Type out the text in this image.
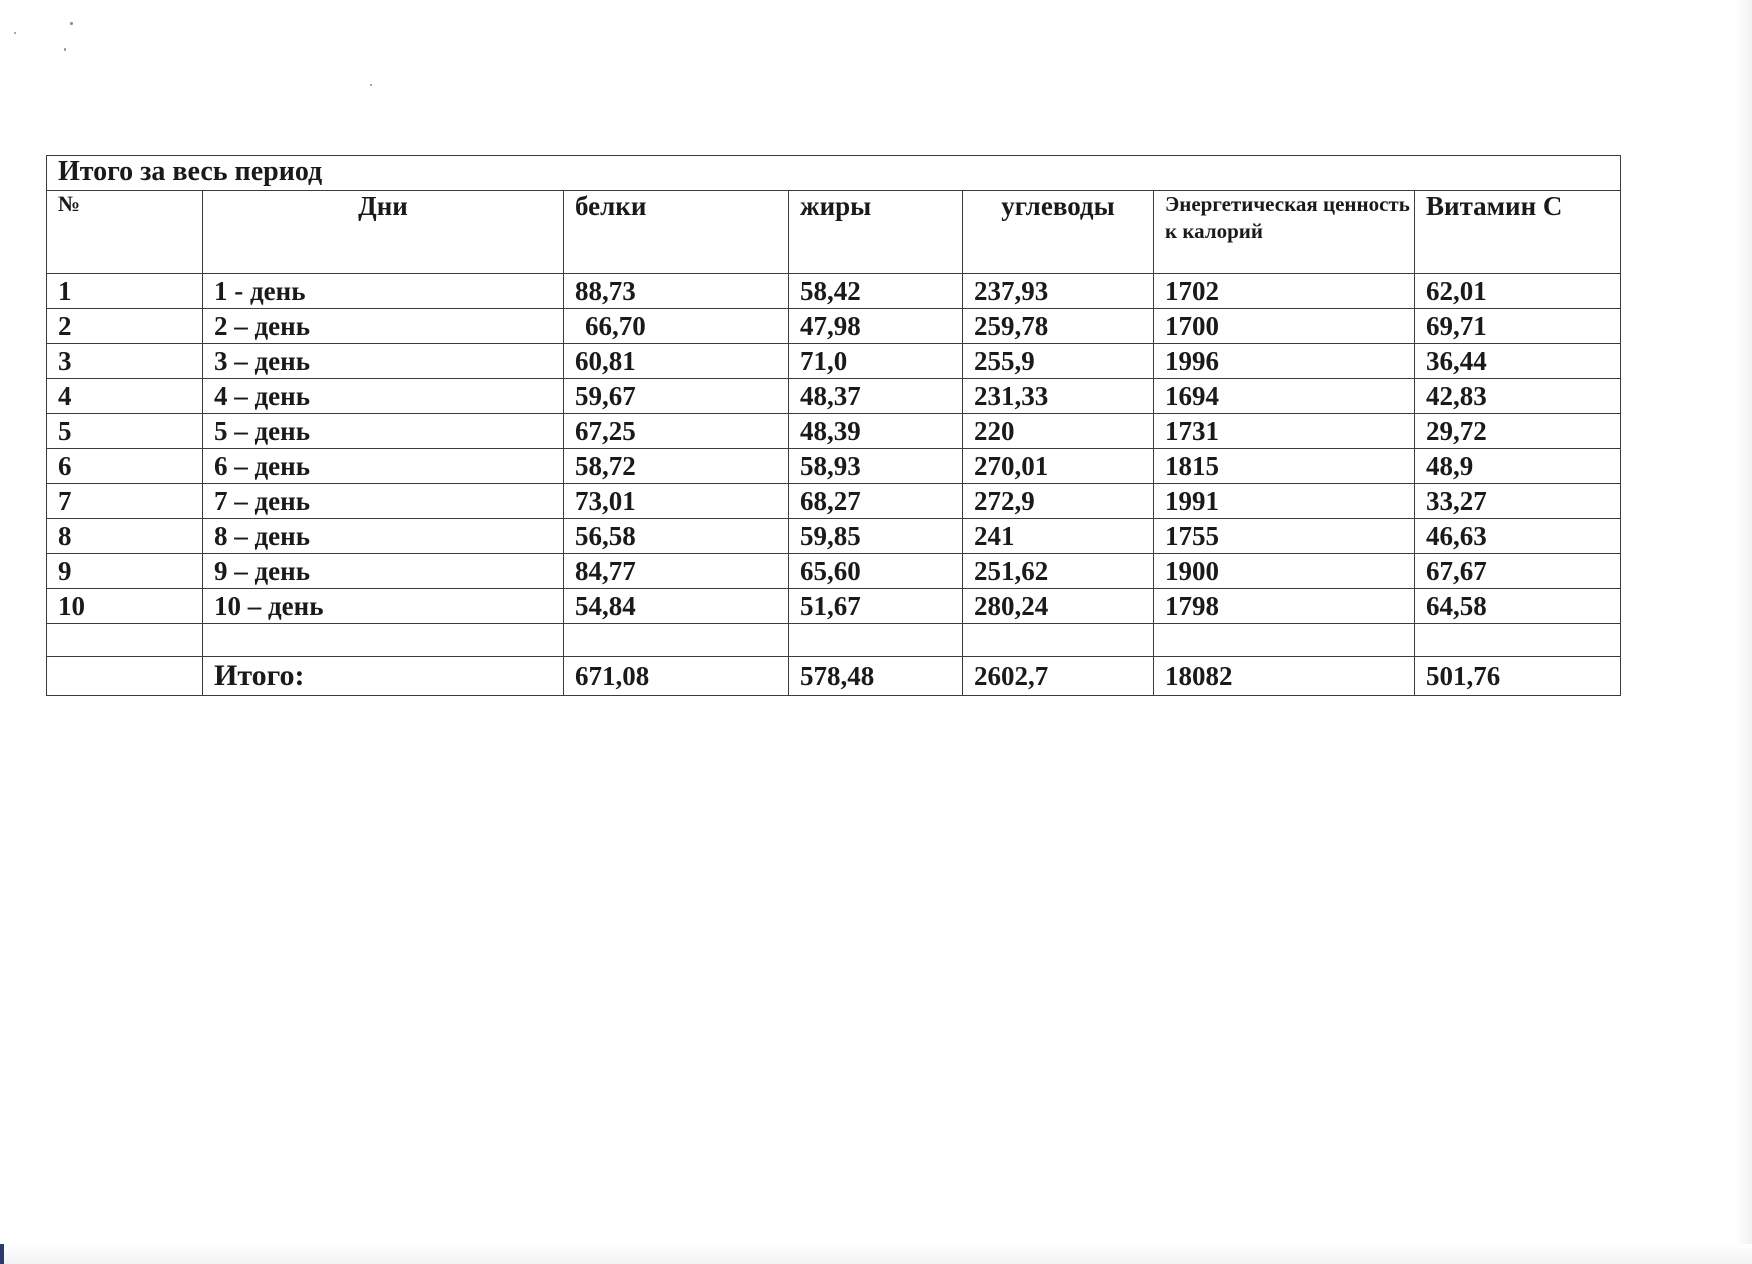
Итого за весь период						
№	Дни	белки	жиры	углеводы	Энергетическая ценность к калорий	Витамин С
1	1 - день	88,73	58,42	237,93	1702	62,01
2	2 – день	66,70	47,98	259,78	1700	69,71
3	3 – день	60,81	71,0	255,9	1996	36,44
4	4 – день	59,67	48,37	231,33	1694	42,83
5	5 – день	67,25	48,39	220	1731	29,72
6	6 – день	58,72	58,93	270,01	1815	48,9
7	7 – день	73,01	68,27	272,9	1991	33,27
8	8 – день	56,58	59,85	241	1755	46,63
9	9 – день	84,77	65,60	251,62	1900	67,67
10	10 – день	54,84	51,67	280,24	1798	64,58

	Итого:	671,08	578,48	2602,7	18082	501,76
